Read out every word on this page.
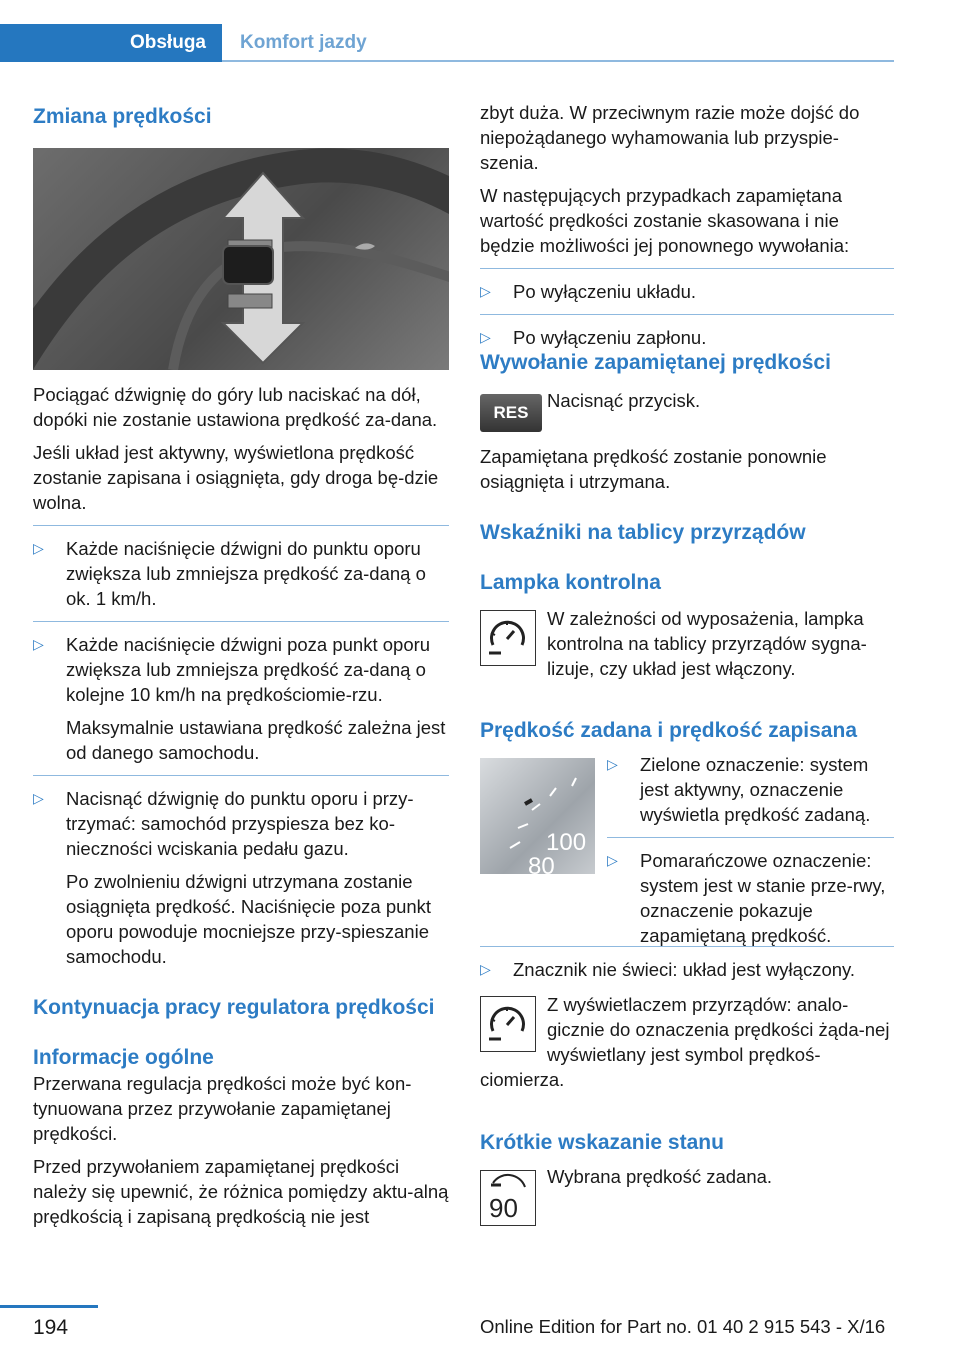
Obsługa	Komfort jazdy
Zmiana prędkości

Pociągać dźwignię do góry lub naciskać na dół, dopóki nie zostanie ustawiona prędkość za‐dana.

Jeśli układ jest aktywny, wyświetlona prędkość zostanie zapisana i osiągnięta, gdy droga bę‐dzie wolna.

▷ Każde naciśnięcie dźwigni do punktu oporu zwiększa lub zmniejsza prędkość za‐daną o ok. 1 km/h.
▷ Każde naciśnięcie dźwigni poza punkt oporu zwiększa lub zmniejsza prędkość za‐daną o kolejne 10 km/h na prędkościomie‐rzu.
Maksymalnie ustawiana prędkość zależna jest od danego samochodu.
▷ Nacisnąć dźwignię do punktu oporu i przy‐trzymać: samochód przyspiesza bez ko‐nieczności wciskania pedału gazu.
Po zwolnieniu dźwigni utrzymana zostanie osiągnięta prędkość. Naciśnięcie poza punkt oporu powoduje mocniejsze przy‐spieszanie samochodu.
Kontynuacja pracy regulatora prędkości
Informacje ogólne

Przerwana regulacja prędkości może być kon‐tynuowana przez przywołanie zapamiętanej prędkości.

Przed przywołaniem zapamiętanej prędkości należy się upewnić, że różnica pomiędzy aktu‐alną prędkością i zapisaną prędkością nie jest

zbyt duża. W przeciwnym razie może dojść do niepożądanego wyhamowania lub przyspie‐szenia.

W następujących przypadkach zapamiętana wartość prędkości zostanie skasowana i nie będzie możliwości jej ponownego wywołania:

▷ Po wyłączeniu układu.
▷ Po wyłączeniu zapłonu.
Wywołanie zapamiętanej prędkości
RES
Nacisnąć przycisk.
Zapamiętana prędkość zostanie ponownie osiągnięta i utrzymana.
Wskaźniki na tablicy przyrządów
Lampka kontrolna
W zależności od wyposażenia, lampka kontrolna na tablicy przyrządów sygna‐lizuje, czy układ jest włączony.
Prędkość zadana i prędkość zapisana
100
80
▷ Zielone oznaczenie: system jest aktywny, oznaczenie wyświetla prędkość zadaną.
▷ Pomarańczowe oznaczenie: system jest w stanie prze‐rwy, oznaczenie pokazuje zapamiętaną prędkość.
▷ Znacznik nie świeci: układ jest wyłączony.
Z wyświetlaczem przyrządów: analo‐gicznie do oznaczenia prędkości żąda‐nej wyświetlany jest symbol prędkoś‐
ciomierza.
Krótkie wskazanie stanu
90
Wybrana prędkość zadana.
194	Online Edition for Part no. 01 40 2 915 543 - X/16
